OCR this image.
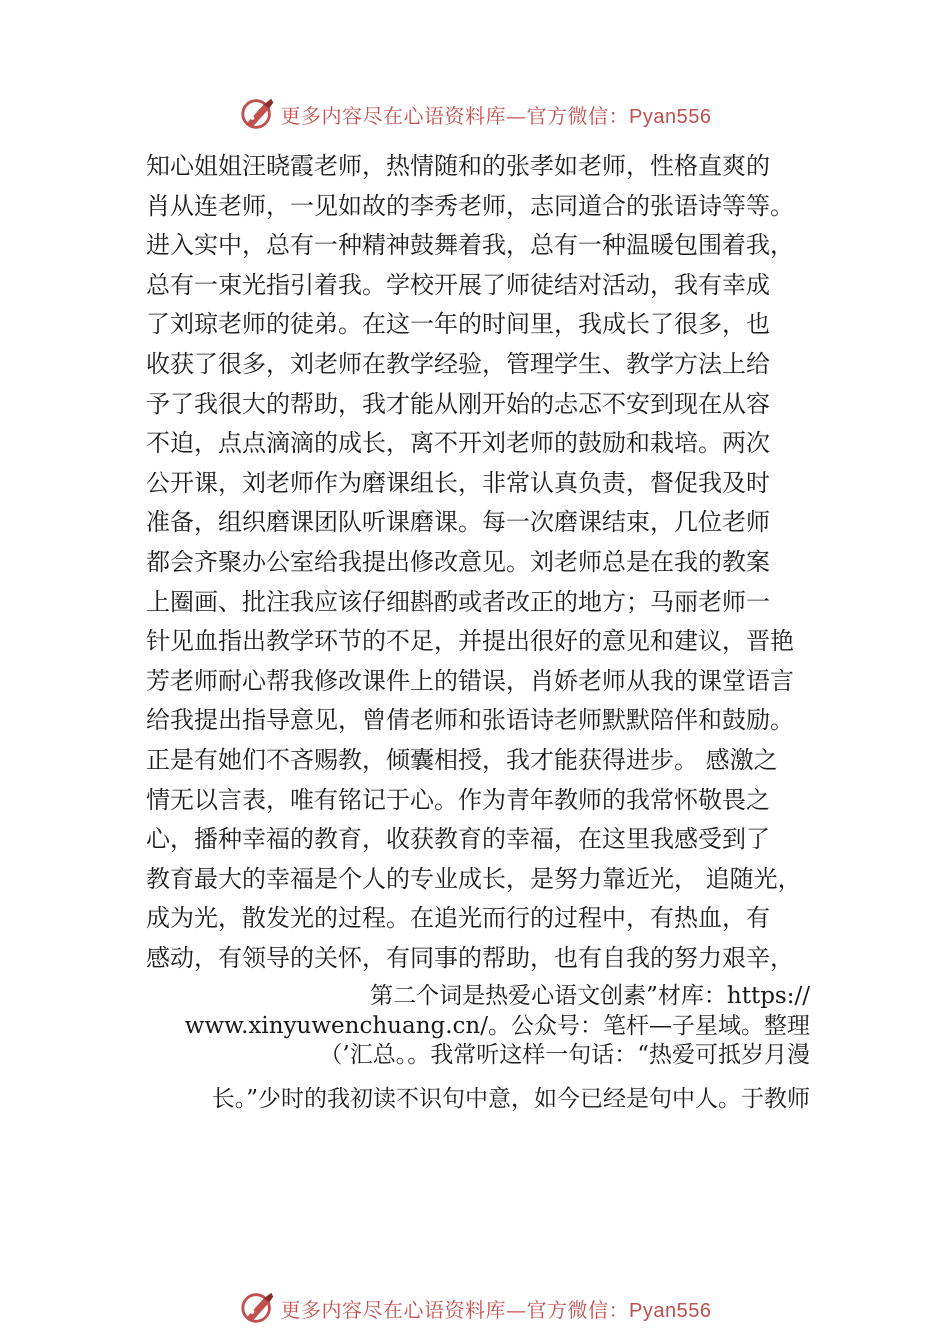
更多内容尽在心语资料库—官方微信：Pyan556
知心姐姐汪晓霞老师，热情随和的张孝如老师，性格直爽的
肖从连老师，一见如故的李秀老师，志同道合的张语诗等等。
进入实中，总有一种精神鼓舞着我，总有一种温暖包围着我，
总有一束光指引着我。学校开展了师徒结对活动，我有幸成
了刘琼老师的徒弟。在这一年的时间里，我成长了很多，也
收获了很多，刘老师在教学经验，管理学生、教学方法上给
予了我很大的帮助，我才能从刚开始的忐忑不安到现在从容
不迫，点点滴滴的成长，离不开刘老师的鼓励和栽培。两次
公开课，刘老师作为磨课组长，非常认真负责，督促我及时
准备，组织磨课团队听课磨课。每一次磨课结束，几位老师
都会齐聚办公室给我提出修改意见。刘老师总是在我的教案
上圈画、批注我应该仔细斟酌或者改正的地方；马丽老师一
针见血指出教学环节的不足，并提出很好的意见和建议，晋艳
芳老师耐心帮我修改课件上的错误，肖娇老师从我的课堂语言
给我提出指导意见，曾倩老师和张语诗老师默默陪伴和鼓励。
正是有她们不吝赐教，倾囊相授，我才能获得进步。 感激之
情无以言表，唯有铭记于心。作为青年教师的我常怀敬畏之
心，播种幸福的教育，收获教育的幸福，在这里我感受到了
教育最大的幸福是个人的专业成长，是努力靠近光， 追随光，
成为光，散发光的过程。在追光而行的过程中，有热血，有
感动，有领导的关怀，有同事的帮助，也有自我的努力艰辛，
第二个词是热爱心语文创素”材库：https://
www.xinyuwenchuang.cn/。公众号：笔杆—子星域。整理
（’汇总。。我常听这样一句话：“热爱可抵岁月漫
长。”少时的我初读不识句中意，如今已经是句中人。于教师
更多内容尽在心语资料库—官方微信：Pyan556
